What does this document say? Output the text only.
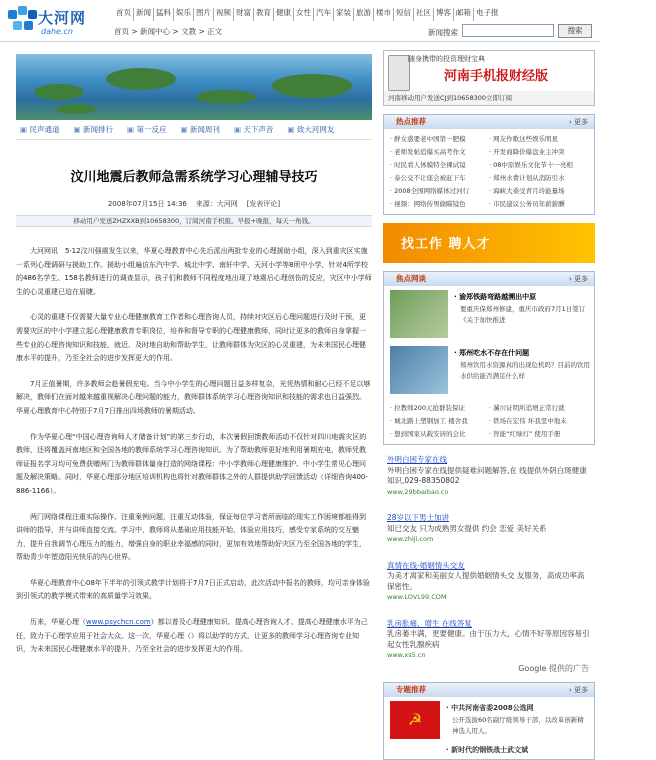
大河网
dahe.cn
首页 新闻 猛料 娱乐 图片 视频 财富 教育 健康 女性 汽车 家装 旅游 楼市 短信 社区 博客 邮箱 电子报
首页 > 新闻中心 > 文教 > 正文	新闻搜索	搜索
▣ 民声通道	▣ 新闻排行	▣ 第一反应	▣ 新闻周刊	▣ 天下声音	▣ 致大河网友
汶川地震后教师急需系统学习心理辅导技巧
2008年07月15日 14:36 来源：大河网 [发表评论]
移动用户发送ZHZXXB到10658300，订阅河南手机报。早报+晚报，每天一角钱。

大河网讯　5·12汶川强震发生以来，华夏心理教育中心先后派出两批专业的心理援助小组，深入到重灾区实施一系列心理调研与援助工作。援助小组遍访东汽中学、城北中学、南轩中学、天河小学等8所中小学，针对4所学校的486名学生、158名教师进行的调查显示，孩子们和教师不同程度地出现了地震后心理创伤的反应，灾区中小学师生的心灵重建已迫在眉睫。

心灵的重建不仅需要大量专业心理健康教育工作者和心理咨询人员，持续对灾区后心理问题进行及时干预，更需要灾区的中小学建立起心理健康教育专职岗位，培养和督导专职的心理健康教师，同时让更多的教师自身掌握一些专业的心理咨询知识和技能，就近、及时地自助和帮助学生，让教师群体为灾区的心灵重建，为未来国民心理健康水平的提升，乃至全社会的进步发挥更大的作用。

7月正值暑期，许多教师会趁暑假充电。当今中小学生的心理问题日益多样复杂，光凭热情和耐心已经不足以够解决，教师们在面对越来越重视解决心理问题的能力，教师群体系统学习心理咨询知识和技能的需求也日益强烈。华夏心理教育中心特别于7月7日推出四场教师的暑期活动。

作为华夏心理“中国心理咨询师人才储备计划”的第三步行动，本次暑假回馈教师活动不仅针对四川地震灾区的教师，还将覆盖河南地区和全国各地的教师系统学习心理咨询知识。为了帮助教师更好地利用暑期充电，教师凭教师证报名学习均可免费获赠两门为教师群体量身打造的网络课程：中小学教师心理健康维护、中小学生常见心理问题及解决策略。同时，华夏心理部分地区培训机构也将针对教师群体之外的人群提供助学回馈活动（详细咨询400-886-1166）。

两门网络课程注重实际操作、注重案例问题，注重互动体验，保证每位学习者所面临的现实工作困境都能得到讲师的指导，并与讲师直接交流。学习中，教师将从基础应用技能开始，体验应用技巧，感受专家系统的交互魅力，提升自我调节心理压力的能力，增强自身的职业幸福感的同时，更加有效地帮助好灾区乃至全国各地的学生，帮助青少年塑造阳光快乐的内心世界。

华夏心理教育中心08年下半年的引领式教学计划将于7月7日正式启动，此次活动中报名的教师，均可亲身体验到引领式的教学模式带来的高质量学习效果。

历来，华夏心理（www.psychcn.com）都以普及心理健康知识、提高心理咨询人才、提高心理健康水平为己任，致力于心理学应用于社会大众。这一次，华夏心理（）将以助学的方式，让更多的教师学习心理咨询专业知识，为未来国民心理健康水平的提升，乃至全社会的进步发挥更大的作用。

随身携带的投资理财宝典
河南手机报财经版
河南移动用户发送CJ到10658300立即订阅
热点推荐	› 更多
· 鲜女惑要老中国第一肥模	· 网友作歌这些娱乐明星
· 老师发帖追爆买高考作文	· 开发商降价爆盘业主冲突
· 时民看人体模特全裸试镜	· 08中原娱乐文化节十一亮相
· 泰公交不让座会被赶下车	· 郑州水费计划从消防引水
· 2008全国网络媒体过河行	· 海峡大桑受青月玲能量场
· 视频：网络传男偷瞄镜色	· 市民建议公务员年薪薪酬
找工作 聘人才
焦点网谈	› 更多
· 渝郑铁路弯路越溯出中原
要重庆保郑州修建，重庆市政府7月1日签订《关于加快推进
· 郑州吃水不存在什问题
郑州饮用水资源真的出现危机吗？目前的饮用水供给能否满足什么样
· 拉教师200元抢群装保证	· 漯川证明所追增正常行就
· 城北路上塑钢加工 楼舍我	· 铁场在宏伟 坏我里中地未
· 想到国家从载安居的会比	· 智能“红绿灯” 使用手册
外明白困专家在线
外明白困专家在线提供疑难问题解答,在 线提供外阴白斑健康知识,029-88350802
www.29bbaibao.cn
28岁以下男士加讲
知已交友 只为成熟男女提供 约会 恋爱 美好关系
www.zhiji.com
真情在线-婚姻情头交友
为美才离家和美丽女人提供婚姻情头交 友服务，高成功率高保密性。
www.LOVL99.COM
乳房胀痛、增生 在线答复
乳房萎丰满，更要健康。由于压力大，心情不好等原因容易引起女性乳腺疾病
www.xs5.cn
Google 提供的广告
专题推荐	› 更多
☭
· 中共河南省委2008公选网
公开选拔60名副厅级领导干部，以改革创新精神选人用人。
· 新时代的钢铁战士武文斌
